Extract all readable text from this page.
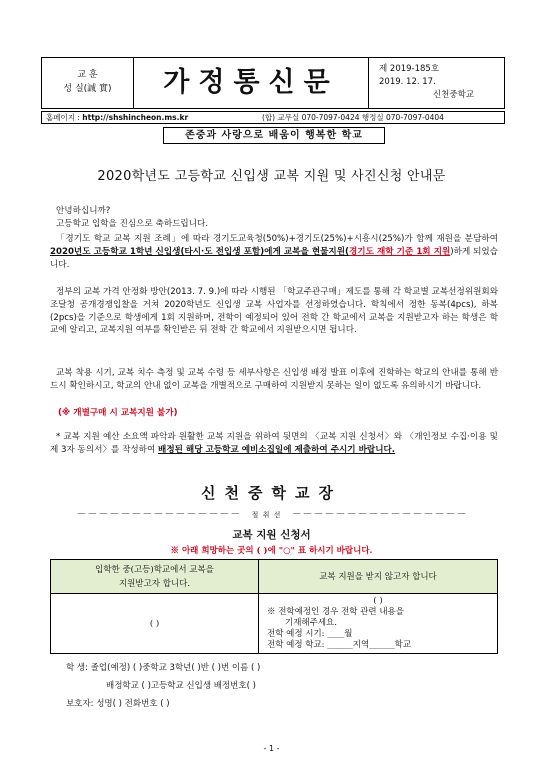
교 훈
성 실(誠 實)	가정통신문	제 2019-185호
2019. 12. 17.
신천중학교
홈페이지 : http://shshincheon.ms.kr	(합) 교무실 070-7097-0424 행정실 070-7097-0404
존중과 사랑으로 배움이 행복한 학교
2020학년도 고등학교 신입생 교복 지원 및 사진신청 안내문
안녕하십니까?
고등학교 입학을 진심으로 축하드립니다.
「경기도 학교 교복 지원 조례」에 따라 경기도교육청(50%)+경기도(25%)+시흥시(25%)가 함께 재원을 분담하여 2020년도 고등학교 1학년 신입생(타시·도 전입생 포함)에게 교복을 현물지원(경기도 재학 기준 1회 지원)하게 되었습니다.
정부의 교복 가격 안정화 방안(2013. 7. 9.)에 따라 시행된 「학교주관구매」제도를 통해 각 학교별 교복선정위원회와 조달청 공개경쟁입찰을 거쳐 2020학년도 신입생 교복 사업자를 선정하였습니다. 학칙에서 정한 동복(4pcs), 하복(2pcs)을 기준으로 학생에게 1회 지원하며, 전학이 예정되어 있어 전학 간 학교에서 교복을 지원받고자 하는 학생은 학교에 알리고, 교복지원 여부를 확인받은 뒤 전학 간 학교에서 지원받으시면 됩니다.
교복 착용 시기, 교복 치수 측정 및 교복 수령 등 세부사항은 신입생 배정 발표 이후에 진학하는 학교의 안내를 통해 반드시 확인하시고, 학교의 안내 없이 교복을 개별적으로 구매하여 지원받지 못하는 일이 없도록 유의하시기 바랍니다.
(※ 개별구매 시 교복지원 불가)
* 교복 지원 예산 소요액 파악과 원활한 교복 지원을 위하여 뒷면의 〈교복 지원 신청서〉와 〈개인정보 수집·이용 및 제 3자 동의서〉를 작성하여 배정된 해당 고등학교 예비소집일에 제출하여 주시기 바랍니다.
신천중학교장
－－－－－－－－－－－－－－－ 절 취 선 －－－－－－－－－－－－－－－－
교복 지원 신청서
※ 아래 희망하는 곳의 ( )에 "○" 표 하시기 바랍니다.
입학한 중(고등)학교에서 교복을
지원받고자 합니다.	교복 지원을 받지 않고자 합니다
( )	( )
※ 전학예정인 경우 전학 관련 내용을
기재해주세요.
전학 예정 시기: ____월
전학 예정 학교: ______지역______학교
학 생: 졸업(예정) ( )중학교 3학년( )반 ( )번 이름 ( )
배정학교 ( )고등학교 신입생 배정번호( )
보호자: 성명( ) 전화번호 ( )
- 1 -
